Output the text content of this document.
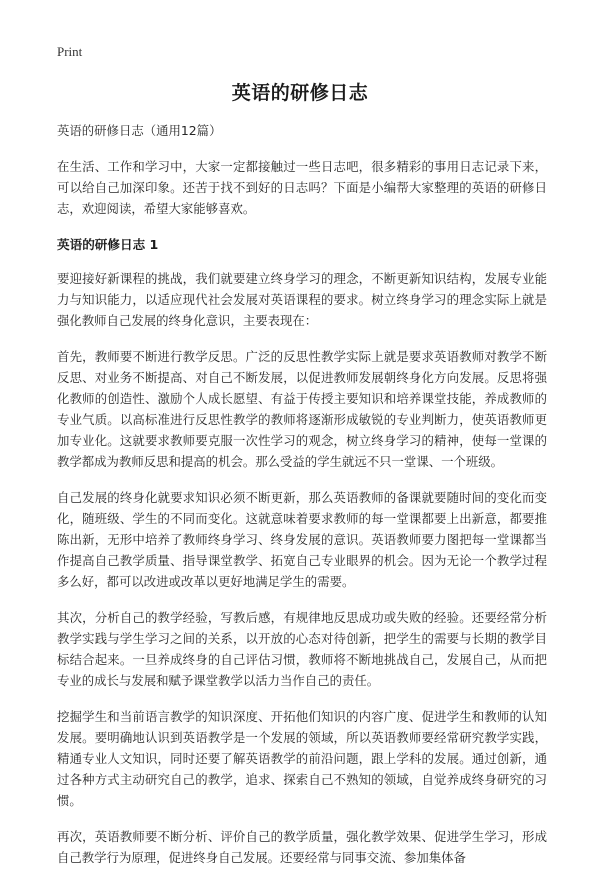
Print
英语的研修日志

英语的研修日志（通用12篇）

在生活、工作和学习中，大家一定都接触过一些日志吧，很多精彩的事用日志记录下来，可以给自己加深印象。还苦于找不到好的日志吗？下面是小编帮大家整理的英语的研修日志，欢迎阅读，希望大家能够喜欢。

英语的研修日志 1

要迎接好新课程的挑战，我们就要建立终身学习的理念，不断更新知识结构，发展专业能力与知识能力，以适应现代社会发展对英语课程的要求。树立终身学习的理念实际上就是强化教师自己发展的终身化意识，主要表现在：

首先，教师要不断进行教学反思。广泛的反思性教学实际上就是要求英语教师对教学不断反思、对业务不断提高、对自己不断发展，以促进教师发展朝终身化方向发展。反思将强化教师的创造性、激励个人成长愿望、有益于传授主要知识和培养课堂技能，养成教师的专业气质。以高标准进行反思性教学的教师将逐渐形成敏锐的专业判断力，使英语教师更加专业化。这就要求教师要克服一次性学习的观念，树立终身学习的精神，使每一堂课的教学都成为教师反思和提高的机会。那么受益的学生就远不只一堂课、一个班级。

自己发展的终身化就要求知识必须不断更新，那么英语教师的备课就要随时间的变化而变化，随班级、学生的不同而变化。这就意味着要求教师的每一堂课都要上出新意，都要推陈出新，无形中培养了教师终身学习、终身发展的意识。英语教师要力图把每一堂课都当作提高自己教学质量、指导课堂教学、拓宽自己专业眼界的机会。因为无论一个教学过程多么好，都可以改进或改革以更好地满足学生的需要。

其次，分析自己的教学经验，写教后感，有规律地反思成功或失败的经验。还要经常分析教学实践与学生学习之间的关系，以开放的心态对待创新，把学生的需要与长期的教学目标结合起来。一旦养成终身的自己评估习惯，教师将不断地挑战自己，发展自己，从而把专业的成长与发展和赋予课堂教学以活力当作自己的责任。

挖掘学生和当前语言教学的知识深度、开拓他们知识的内容广度、促进学生和教师的认知发展。要明确地认识到英语教学是一个发展的领域，所以英语教师要经常研究教学实践，精通专业人文知识，同时还要了解英语教学的前沿问题，跟上学科的发展。通过创新，通过各种方式主动研究自己的教学，追求、探索自己不熟知的领域，自觉养成终身研究的习惯。

再次，英语教师要不断分析、评价自己的教学质量，强化教学效果、促进学生学习，形成自己教学行为原理，促进终身自己发展。还要经常与同事交流、参加集体备
